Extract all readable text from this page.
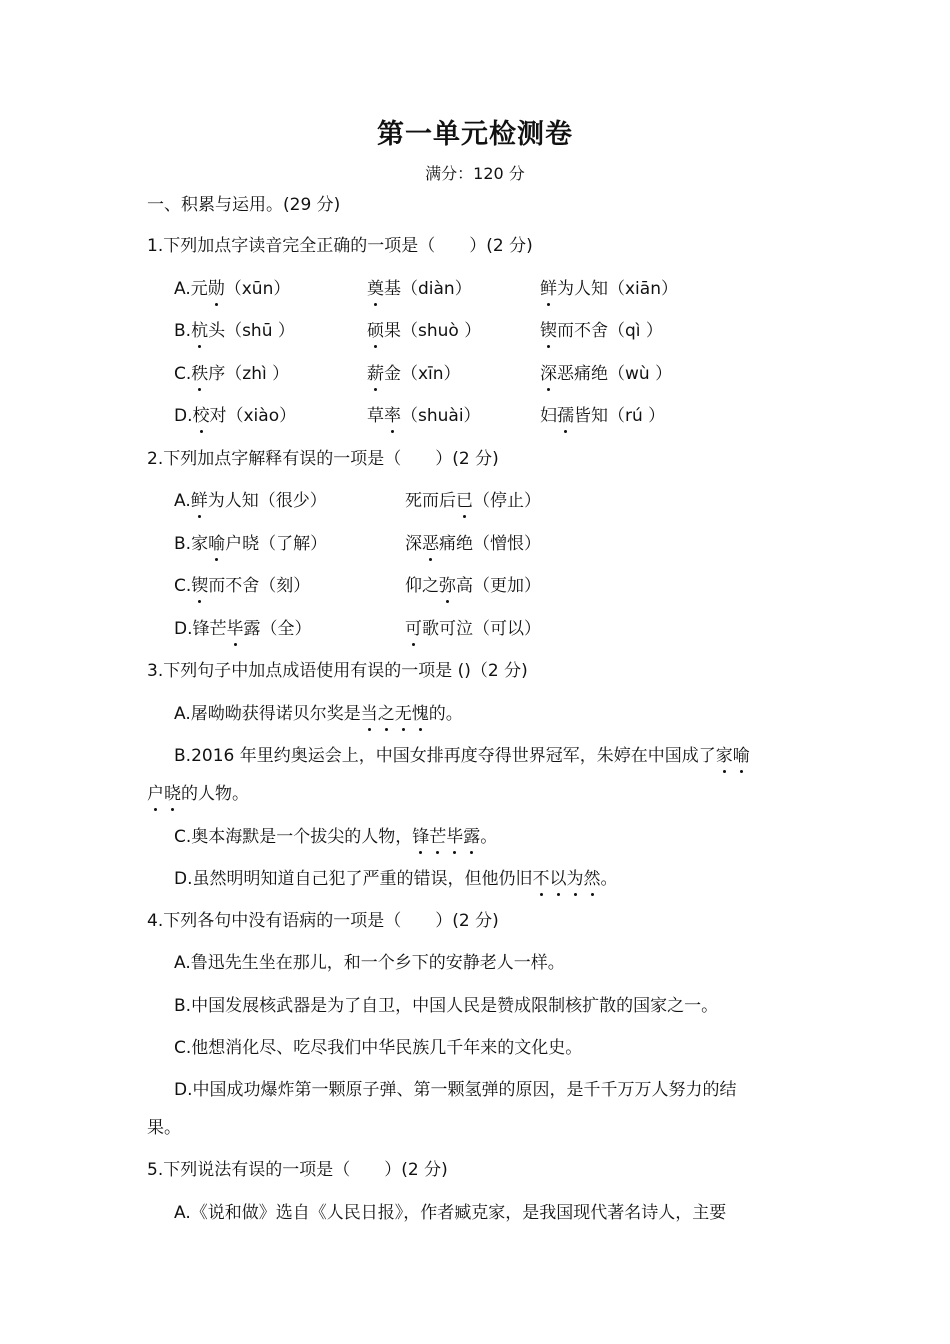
第一单元检测卷
满分：120 分
一、积累与运用。(29 分)
1.下列加点字读音完全正确的一项是（　　）(2 分)
A.元勋（xūn）	奠基（diàn）	鲜为人知（xiān）
B.杭头（shū ）	硕果（shuò ）	锲而不舍（qì ）
C.秩序（zhì ）	薪金（xīn）	深恶痛绝（wù ）
D.校对（xiào）	草率（shuài）	妇孺皆知（rú ）
2.下列加点字解释有误的一项是（　　）(2 分)
A.鲜为人知（很少）	死而后已（停止）
B.家喻户晓（了解）	深恶痛绝（憎恨）
C.锲而不舍（刻）	仰之弥高（更加）
D.锋芒毕露（全）	可歌可泣（可以）
3.下列句子中加点成语使用有误的一项是 ()（2 分)
A.屠呦呦获得诺贝尔奖是当之无愧的。
B.2016 年里约奥运会上，中国女排再度夺得世界冠军，朱婷在中国成了家喻
户晓的人物。
C.奥本海默是一个拔尖的人物，锋芒毕露。
D.虽然明明知道自己犯了严重的错误，但他仍旧不以为然。
4.下列各句中没有语病的一项是（　　）(2 分)
A.鲁迅先生坐在那儿，和一个乡下的安静老人一样。
B.中国发展核武器是为了自卫，中国人民是赞成限制核扩散的国家之一。
C.他想消化尽、吃尽我们中华民族几千年来的文化史。
D.中国成功爆炸第一颗原子弹、第一颗氢弹的原因，是千千万万人努力的结
果。
5.下列说法有误的一项是（　　）(2 分)
A.《说和做》选自《人民日报》，作者臧克家，是我国现代著名诗人，主要
